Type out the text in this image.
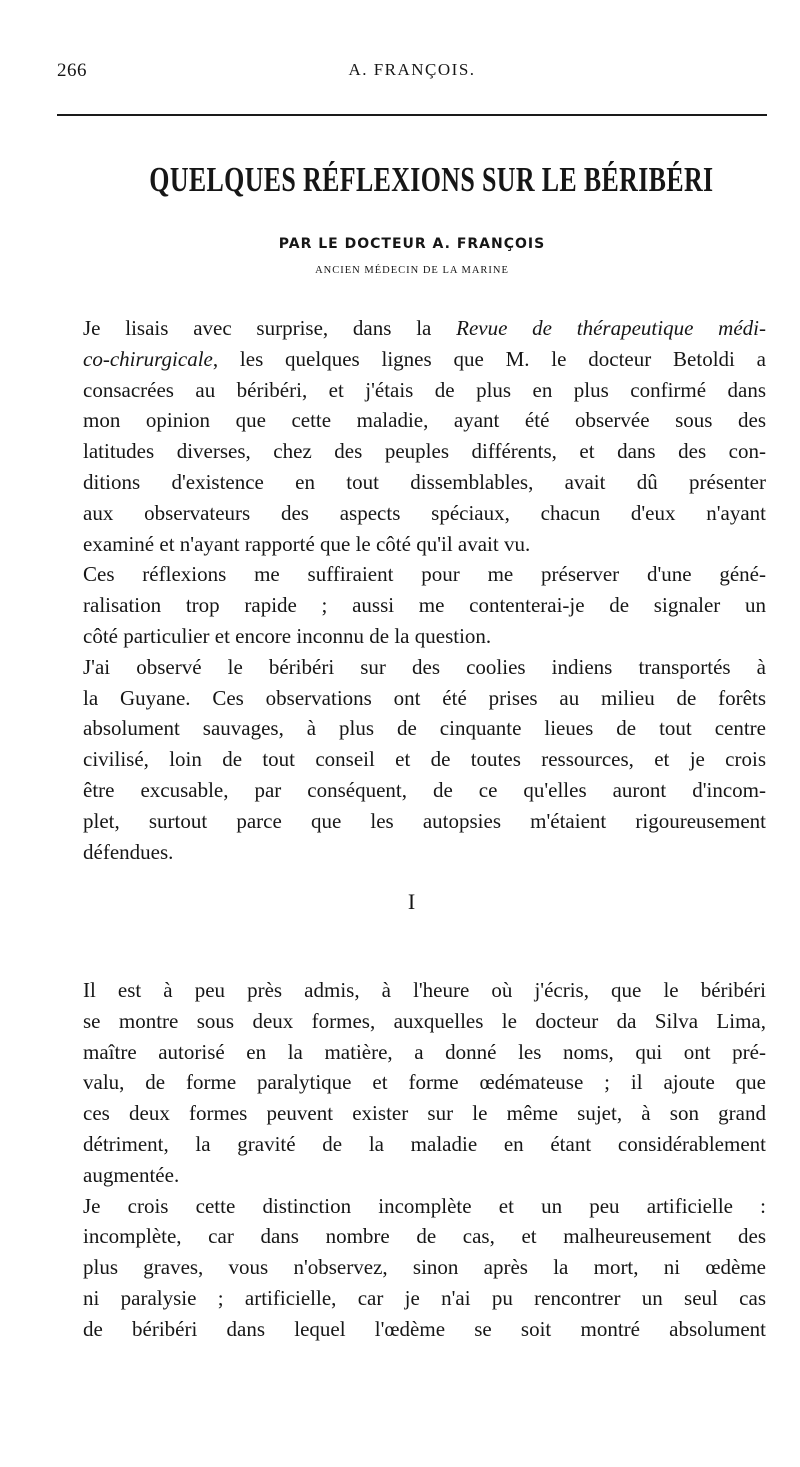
266	A. FRANÇOIS.
QUELQUES RÉFLEXIONS SUR LE BÉRIBÉRI
PAR LE DOCTEUR A. FRANÇOIS
ANCIEN MÉDECIN DE LA MARINE

Je lisais avec surprise, dans la Revue de thérapeutique médi-
co-chirurgicale, les quelques lignes que M. le docteur Betoldi a
consacrées au béribéri, et j'étais de plus en plus confirmé dans
mon opinion que cette maladie, ayant été observée sous des
latitudes diverses, chez des peuples différents, et dans des con-
ditions d'existence en tout dissemblables, avait dû présenter
aux observateurs des aspects spéciaux, chacun d'eux n'ayant
examiné et n'ayant rapporté que le côté qu'il avait vu.

Ces réflexions me suffiraient pour me préserver d'une géné-
ralisation trop rapide ; aussi me contenterai-je de signaler un
côté particulier et encore inconnu de la question.

J'ai observé le béribéri sur des coolies indiens transportés à
la Guyane. Ces observations ont été prises au milieu de forêts
absolument sauvages, à plus de cinquante lieues de tout centre
civilisé, loin de tout conseil et de toutes ressources, et je crois
être excusable, par conséquent, de ce qu'elles auront d'incom-
plet, surtout parce que les autopsies m'étaient rigoureusement
défendues.

I

Il est à peu près admis, à l'heure où j'écris, que le béribéri
se montre sous deux formes, auxquelles le docteur da Silva Lima,
maître autorisé en la matière, a donné les noms, qui ont pré-
valu, de forme paralytique et forme œdémateuse ; il ajoute que
ces deux formes peuvent exister sur le même sujet, à son grand
détriment, la gravité de la maladie en étant considérablement
augmentée.

Je crois cette distinction incomplète et un peu artificielle :
incomplète, car dans nombre de cas, et malheureusement des
plus graves, vous n'observez, sinon après la mort, ni œdème
ni paralysie ; artificielle, car je n'ai pu rencontrer un seul cas
de béribéri dans lequel l'œdème se soit montré absolument
